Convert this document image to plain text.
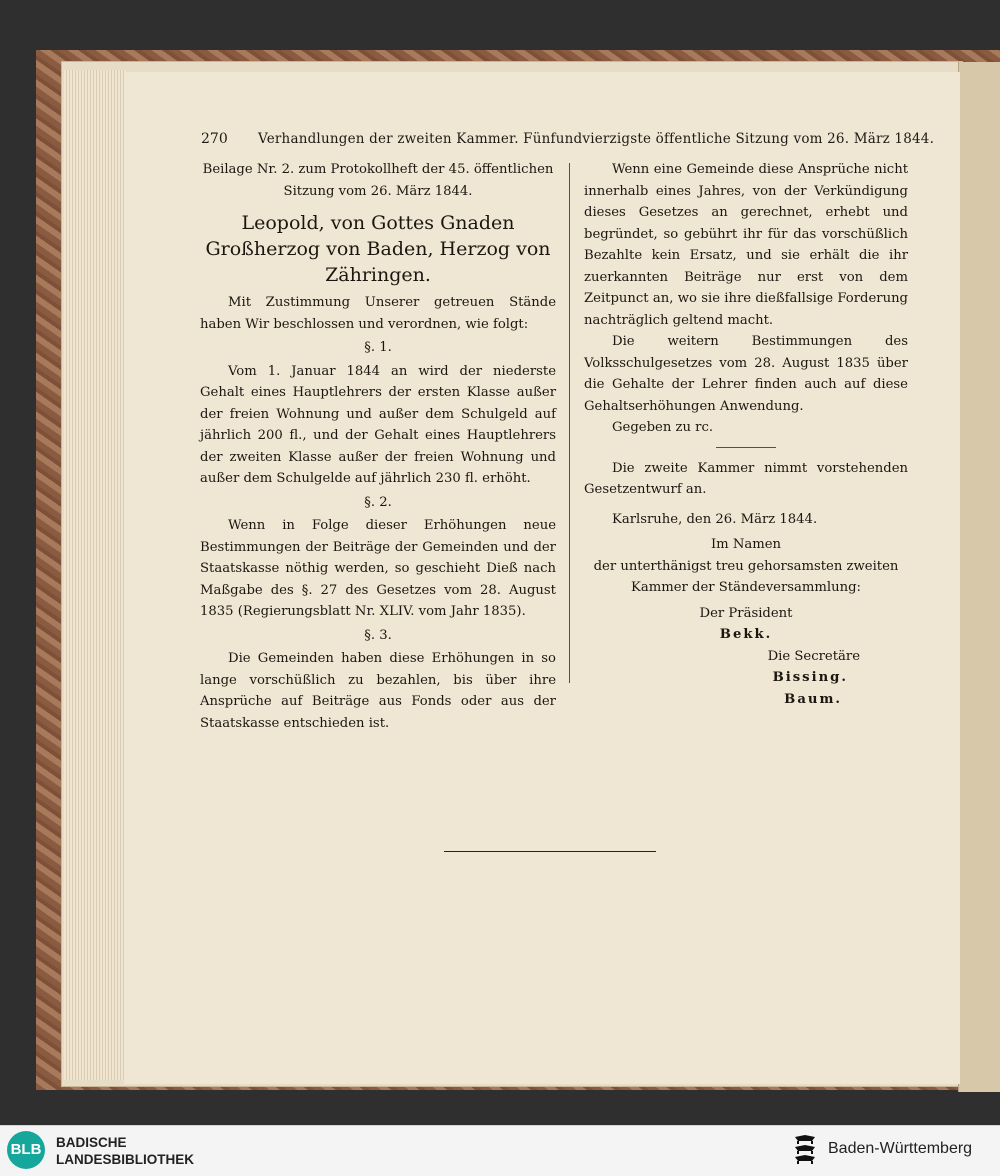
270 Verhandlungen der zweiten Kammer. Fünfundvierzigste öffentliche Sitzung vom 26. März 1844.

Beilage Nr. 2. zum Protokollheft der 45. öffentlichen Sitzung vom 26. März 1844.

Leopold, von Gottes Gnaden Großherzog von Baden, Herzog von Zähringen.

Mit Zustimmung Unserer getreuen Stände haben Wir beschlossen und verordnen, wie folgt:

§. 1.

Vom 1. Januar 1844 an wird der niederste Gehalt eines Hauptlehrers der ersten Klasse außer der freien Wohnung und außer dem Schulgeld auf jährlich 200 fl., und der Gehalt eines Hauptlehrers der zweiten Klasse außer der freien Wohnung und außer dem Schulgelde auf jährlich 230 fl. erhöht.

§. 2.

Wenn in Folge dieser Erhöhungen neue Bestimmungen der Beiträge der Gemeinden und der Staatskasse nöthig werden, so geschieht Dieß nach Maßgabe des §. 27 des Gesetzes vom 28. August 1835 (Regierungsblatt Nr. XLIV. vom Jahr 1835).

§. 3.

Die Gemeinden haben diese Erhöhungen in so lange vorschüßlich zu bezahlen, bis über ihre Ansprüche auf Beiträge aus Fonds oder aus der Staatskasse entschieden ist.

Wenn eine Gemeinde diese Ansprüche nicht innerhalb eines Jahres, von der Verkündigung dieses Gesetzes an gerechnet, erhebt und begründet, so gebührt ihr für das vorschüßlich Bezahlte kein Ersatz, und sie erhält die ihr zuerkannten Beiträge nur erst von dem Zeitpunct an, wo sie ihre dießfallsige Forderung nachträglich geltend macht.

Die weitern Bestimmungen des Volksschulgesetzes vom 28. August 1835 über die Gehalte der Lehrer finden auch auf diese Gehaltserhöhungen Anwendung.

Gegeben zu rc.

Die zweite Kammer nimmt vorstehenden Gesetzentwurf an.

Karlsruhe, den 26. März 1844.

Im Namen

der unterthänigst treu gehorsamsten zweiten Kammer der Ständeversammlung:

Der Präsident

Bekk.

Die Secretäre

Bissing.

Baum.

BLB BADISCHE
LANDESBIBLIOTHEK
Baden-Württemberg
